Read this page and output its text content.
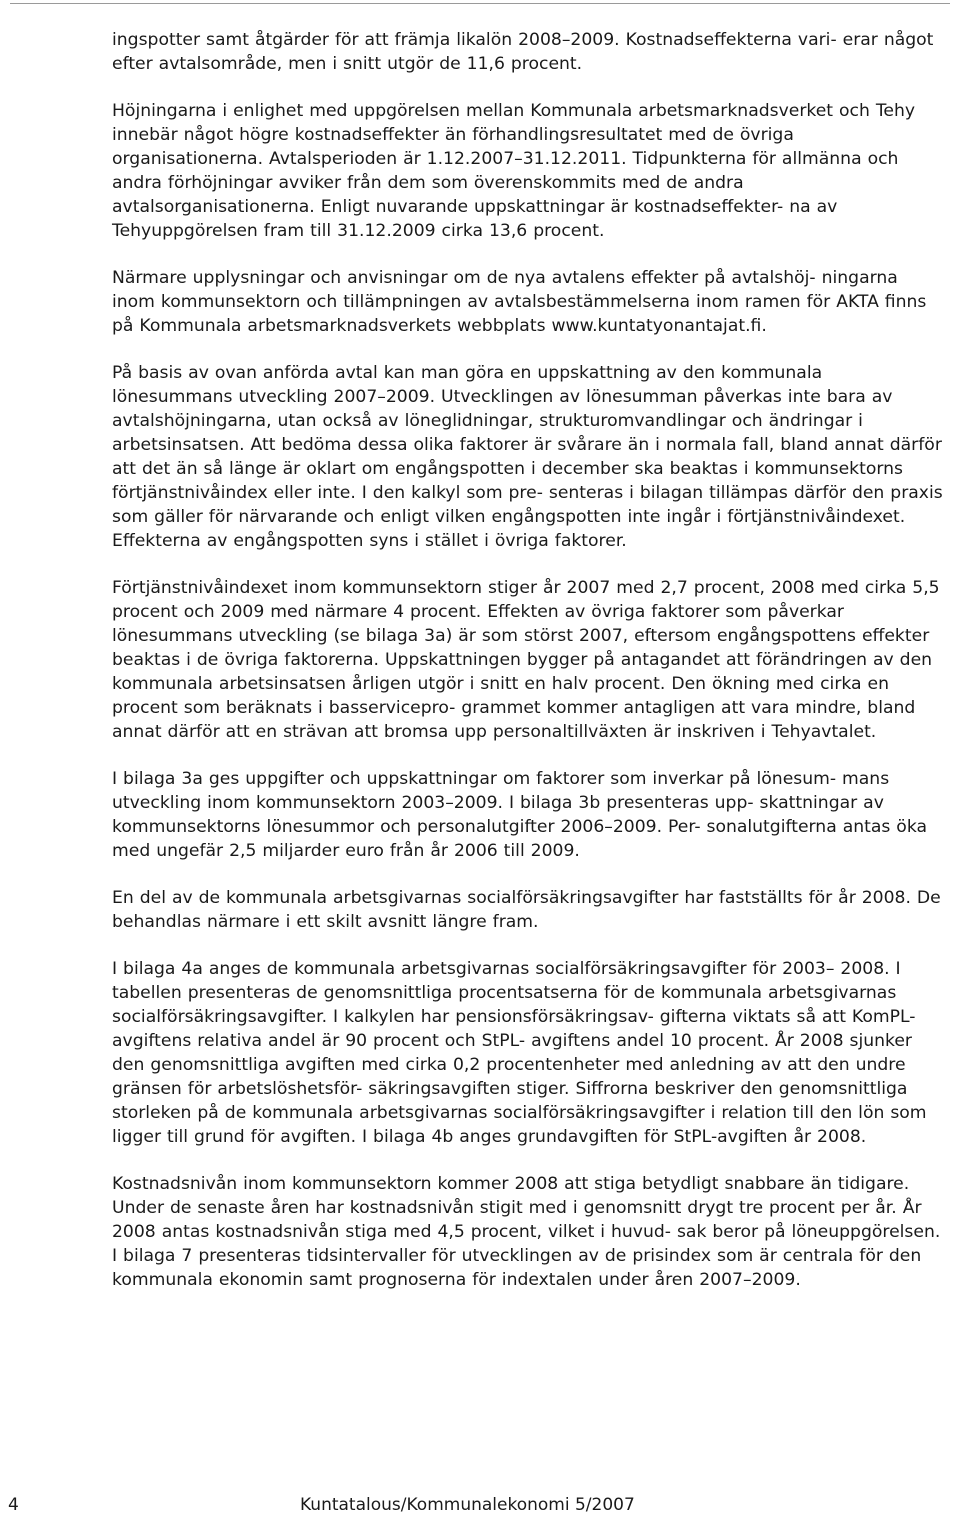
ingspotter samt åtgärder för att främja likalön 2008–2009. Kostnadseffekterna vari- erar något efter avtalsområde, men i snitt utgör de 11,6 procent.

Höjningarna i enlighet med uppgörelsen mellan Kommunala arbetsmarknadsverket och Tehy innebär något högre kostnadseffekter än förhandlingsresultatet med de övriga organisationerna. Avtalsperioden är 1.12.2007–31.12.2011. Tidpunkterna för allmänna och andra förhöjningar avviker från dem som överenskommits med de andra avtalsorganisationerna. Enligt nuvarande uppskattningar är kostnadseffekter- na av Tehyuppgörelsen fram till 31.12.2009 cirka 13,6 procent.

Närmare upplysningar och anvisningar om de nya avtalens effekter på avtalshöj- ningarna inom kommunsektorn och tillämpningen av avtalsbestämmelserna inom ramen för AKTA finns på Kommunala arbetsmarknadsverkets webbplats www.kuntatyonantajat.fi.

På basis av ovan anförda avtal kan man göra en uppskattning av den kommunala lönesummans utveckling 2007–2009. Utvecklingen av lönesumman påverkas inte bara av avtalshöjningarna, utan också av löneglidningar, strukturomvandlingar och ändringar i arbetsinsatsen. Att bedöma dessa olika faktorer är svårare än i normala fall, bland annat därför att det än så länge är oklart om engångspotten i december ska beaktas i kommunsektorns förtjänstnivåindex eller inte. I den kalkyl som pre- senteras i bilagan tillämpas därför den praxis som gäller för närvarande och enligt vilken engångspotten inte ingår i förtjänstnivåindexet. Effekterna av engångspotten syns i stället i övriga faktorer.

Förtjänstnivåindexet inom kommunsektorn stiger år 2007 med 2,7 procent, 2008 med cirka 5,5 procent och 2009 med närmare 4 procent. Effekten av övriga faktorer som påverkar lönesummans utveckling (se bilaga 3a) är som störst 2007, eftersom engångspottens effekter beaktas i de övriga faktorerna. Uppskattningen bygger på antagandet att förändringen av den kommunala arbetsinsatsen årligen utgör i snitt en halv procent. Den ökning med cirka en procent som beräknats i basservicepro- grammet kommer antagligen att vara mindre, bland annat därför att en strävan att bromsa upp personaltillväxten är inskriven i Tehyavtalet.

I bilaga 3a ges uppgifter och uppskattningar om faktorer som inverkar på lönesum- mans utveckling inom kommunsektorn 2003–2009. I bilaga 3b presenteras upp- skattningar av kommunsektorns lönesummor och personalutgifter 2006–2009. Per- sonalutgifterna antas öka med ungefär 2,5 miljarder euro från år 2006 till 2009.

En del av de kommunala arbetsgivarnas socialförsäkringsavgifter har fastställts för år 2008. De behandlas närmare i ett skilt avsnitt längre fram.

I bilaga 4a anges de kommunala arbetsgivarnas socialförsäkringsavgifter för 2003– 2008. I tabellen presenteras de genomsnittliga procentsatserna för de kommunala arbetsgivarnas socialförsäkringsavgifter. I kalkylen har pensionsförsäkringsav- gifterna viktats så att KomPL-avgiftens relativa andel är 90 procent och StPL- avgiftens andel 10 procent. År 2008 sjunker den genomsnittliga avgiften med cirka 0,2 procentenheter med anledning av att den undre gränsen för arbetslöshetsför- säkringsavgiften stiger. Siffrorna beskriver den genomsnittliga storleken på de kommunala arbetsgivarnas socialförsäkringsavgifter i relation till den lön som ligger till grund för avgiften. I bilaga 4b anges grundavgiften för StPL-avgiften år 2008.

Kostnadsnivån inom kommunsektorn kommer 2008 att stiga betydligt snabbare än tidigare. Under de senaste åren har kostnadsnivån stigit med i genomsnitt drygt tre procent per år. År 2008 antas kostnadsnivån stiga med 4,5 procent, vilket i huvud- sak beror på löneuppgörelsen. I bilaga 7 presenteras tidsintervaller för utvecklingen av de prisindex som är centrala för den kommunala ekonomin samt prognoserna för indextalen under åren 2007–2009.

4	Kuntatalous/Kommunalekonomi 5/2007
